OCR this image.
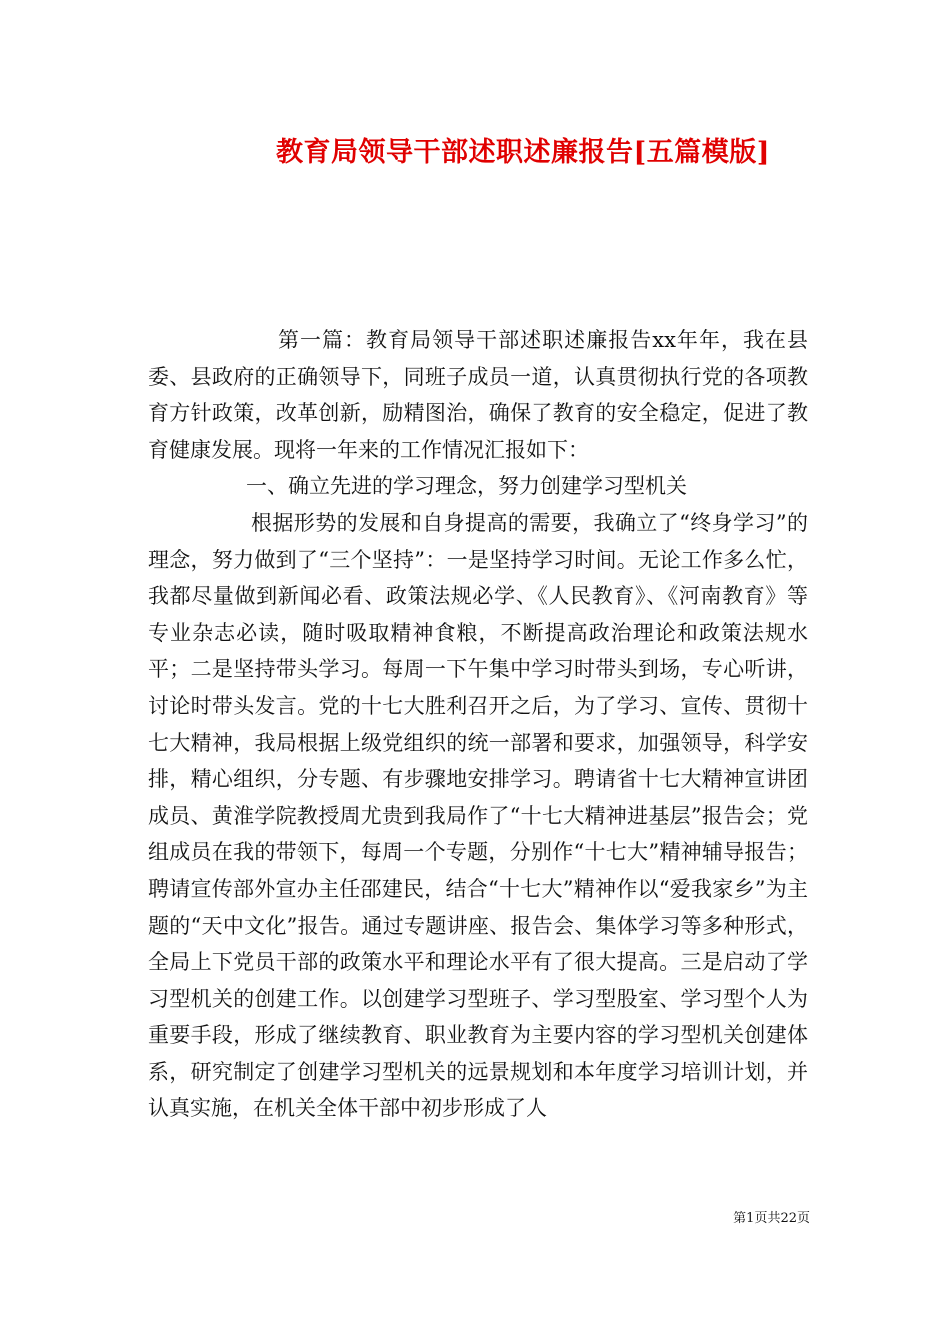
教育局领导干部述职述廉报告[五篇模版]

第一篇：教育局领导干部述职述廉报告xx年年，我在县委、县政府的正确领导下，同班子成员一道，认真贯彻执行党的各项教育方针政策，改革创新，励精图治，确保了教育的安全稳定，促进了教育健康发展。现将一年来的工作情况汇报如下：

一、确立先进的学习理念，努力创建学习型机关

根据形势的发展和自身提高的需要，我确立了“终身学习”的理念，努力做到了“三个坚持”：一是坚持学习时间。无论工作多么忙，我都尽量做到新闻必看、政策法规必学、《人民教育》、《河南教育》等专业杂志必读，随时吸取精神食粮，不断提高政治理论和政策法规水平；二是坚持带头学习。每周一下午集中学习时带头到场，专心听讲，讨论时带头发言。党的十七大胜利召开之后，为了学习、宣传、贯彻十七大精神，我局根据上级党组织的统一部署和要求，加强领导，科学安排，精心组织，分专题、有步骤地安排学习。聘请省十七大精神宣讲团成员、黄淮学院教授周尤贵到我局作了“十七大精神进基层”报告会；党组成员在我的带领下，每周一个专题，分别作“十七大”精神辅导报告；聘请宣传部外宣办主任邵建民，结合“十七大”精神作以“爱我家乡”为主题的“天中文化”报告。通过专题讲座、报告会、集体学习等多种形式，全局上下党员干部的政策水平和理论水平有了很大提高。三是启动了学习型机关的创建工作。以创建学习型班子、学习型股室、学习型个人为重要手段，形成了继续教育、职业教育为主要内容的学习型机关创建体系，研究制定了创建学习型机关的远景规划和本年度学习培训计划，并认真实施，在机关全体干部中初步形成了人

第1页共22页
